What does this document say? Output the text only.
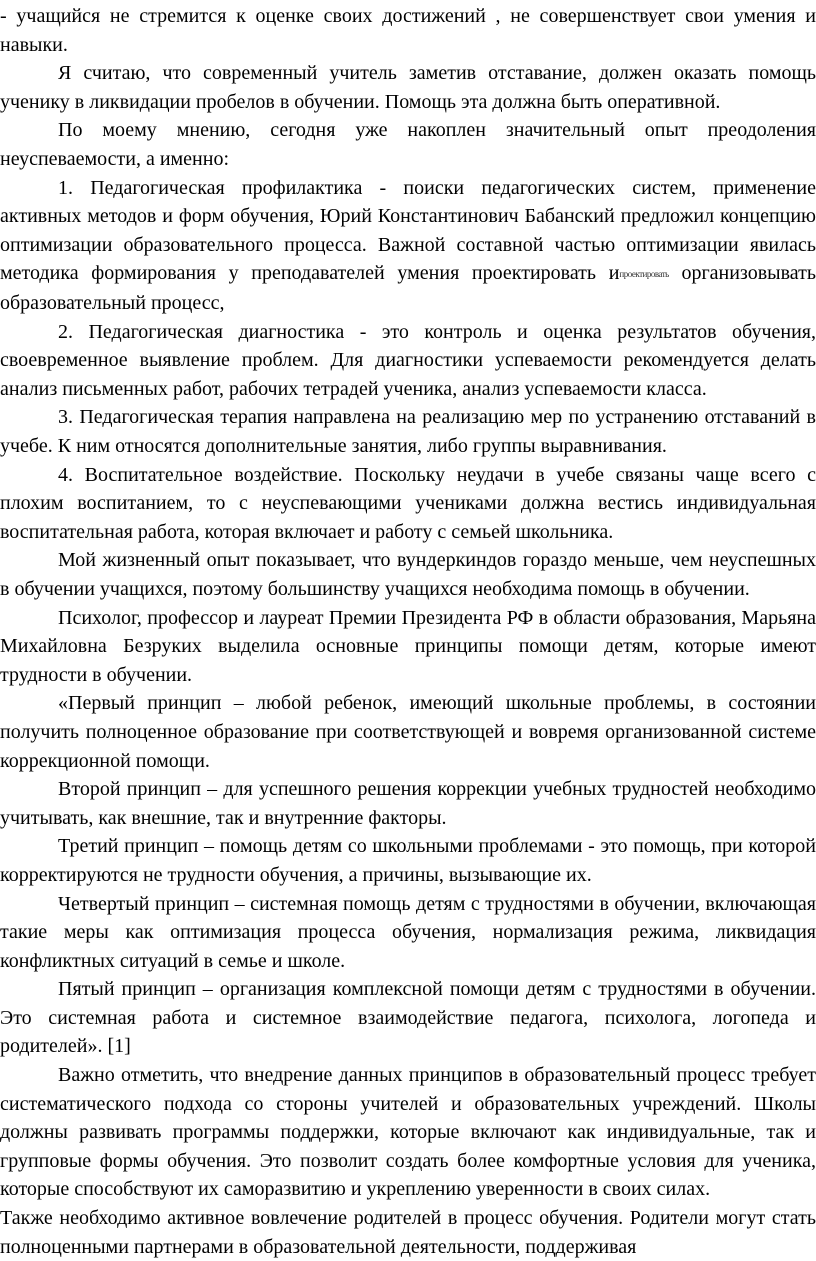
- учащийся не стремится к оценке своих достижений , не совершенствует свои умения и навыки.

Я считаю, что современный учитель заметив отставание, должен оказать помощь ученику в ликвидации пробелов в обучении. Помощь эта должна быть оперативной.

По моему мнению, сегодня уже накоплен значительный опыт преодоления неуспеваемости, а именно:

1. Педагогическая профилактика - поиски педагогических систем, применение активных методов и форм обучения, Юрий Константинович Бабанский предложил концепцию оптимизации образовательного процесса. Важной составной частью оптимизации явилась методика формирования у преподавателей умения проектировать ипроектировать организовывать образовательный процесс,

2. Педагогическая диагностика - это контроль и оценка результатов обучения, своевременное выявление проблем. Для диагностики успеваемости рекомендуется делать анализ письменных работ, рабочих тетрадей ученика, анализ успеваемости класса.

3. Педагогическая терапия направлена на реализацию мер по устранению отставаний в учебе. К ним относятся дополнительные занятия, либо группы выравнивания.

4. Воспитательное воздействие. Поскольку неудачи в учебе связаны чаще всего с плохим воспитанием, то с неуспевающими учениками должна вестись индивидуальная воспитательная работа, которая включает и работу с семьей школьника.

Мой жизненный опыт показывает, что вундеркиндов гораздо меньше, чем неуспешных в обучении учащихся, поэтому большинству учащихся необходима помощь в обучении.

Психолог, профессор и лауреат Премии Президента РФ в области образования, Марьяна Михайловна Безруких выделила основные принципы помощи детям, которые имеют трудности в обучении.

«Первый принцип – любой ребенок, имеющий школьные проблемы, в состоянии получить полноценное образование при соответствующей и вовремя организованной системе коррекционной помощи.

Второй принцип – для успешного решения коррекции учебных трудностей необходимо учитывать, как внешние, так и внутренние факторы.

Третий принцип – помощь детям со школьными проблемами - это помощь, при которой корректируются не трудности обучения, а причины, вызывающие их.

Четвертый принцип – системная помощь детям с трудностями в обучении, включающая такие меры как оптимизация процесса обучения, нормализация режима, ликвидация конфликтных ситуаций в семье и школе.

Пятый принцип – организация комплексной помощи детям с трудностями в обучении. Это системная работа и системное взаимодействие педагога, психолога, логопеда и родителей». [1]

Важно отметить, что внедрение данных принципов в образовательный процесс требует систематического подхода со стороны учителей и образовательных учреждений. Школы должны развивать программы поддержки, которые включают как индивидуальные, так и групповые формы обучения. Это позволит создать более комфортные условия для ученика, которые способствуют их саморазвитию и укреплению уверенности в своих силах.

Также необходимо активное вовлечение родителей в процесс обучения. Родители могут стать полноценными партнерами в образовательной деятельности, поддерживая
